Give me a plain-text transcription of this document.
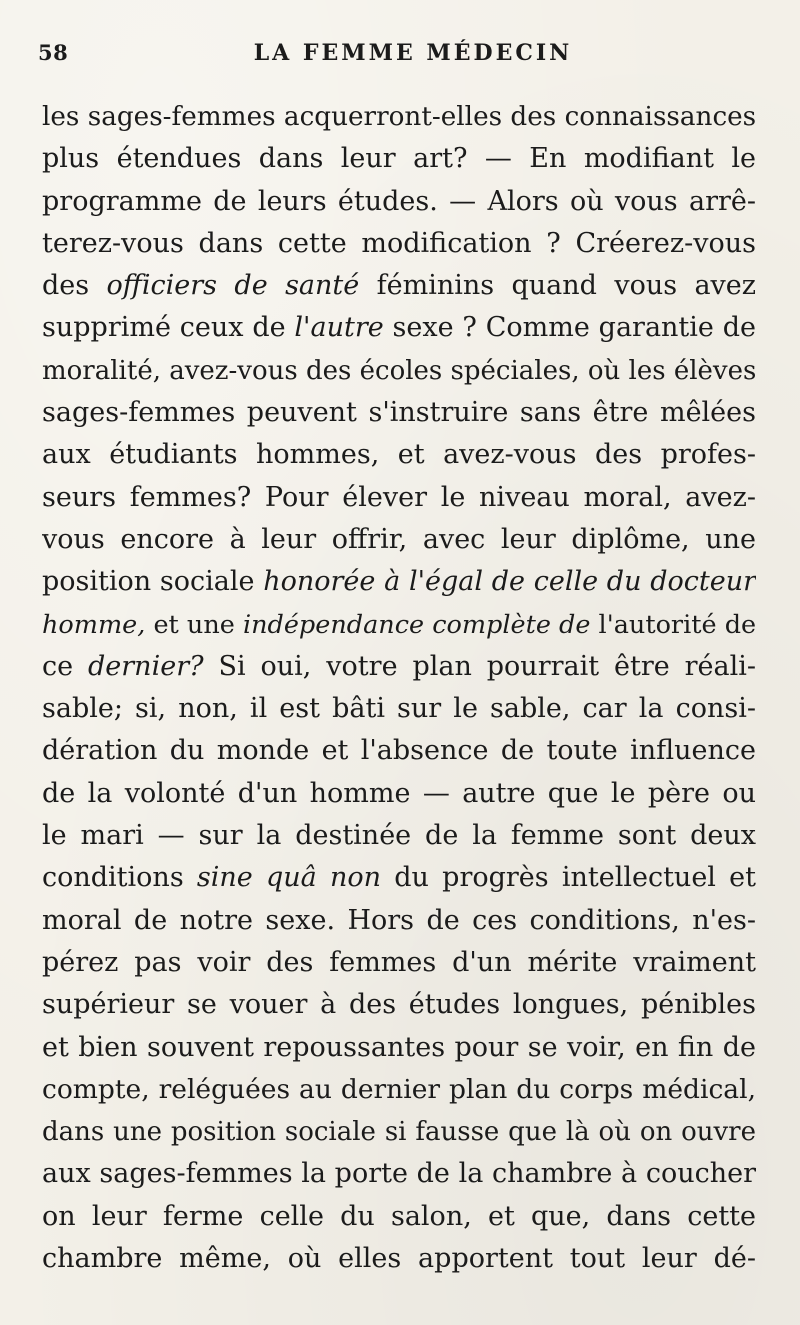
58	LA FEMME MÉDECIN
les sages-femmes acquerront-elles des connaissances
plus étendues dans leur art? — En modifiant le
programme de leurs études. — Alors où vous arrê-
terez-vous dans cette modification ? Créerez-vous
des officiers de santé féminins quand vous avez
supprimé ceux de l'autre sexe ? Comme garantie de
moralité, avez-vous des écoles spéciales, où les élèves
sages-femmes peuvent s'instruire sans être mêlées
aux étudiants hommes, et avez-vous des profes-
seurs femmes? Pour élever le niveau moral, avez-
vous encore à leur offrir, avec leur diplôme, une
position sociale honorée à l'égal de celle du docteur
homme, et une indépendance complète de l'autorité de
ce dernier? Si oui, votre plan pourrait être réali-
sable; si, non, il est bâti sur le sable, car la consi-
dération du monde et l'absence de toute influence
de la volonté d'un homme — autre que le père ou
le mari — sur la destinée de la femme sont deux
conditions sine quâ non du progrès intellectuel et
moral de notre sexe. Hors de ces conditions, n'es-
pérez pas voir des femmes d'un mérite vraiment
supérieur se vouer à des études longues, pénibles
et bien souvent repoussantes pour se voir, en fin de
compte, reléguées au dernier plan du corps médical,
dans une position sociale si fausse que là où on ouvre
aux sages-femmes la porte de la chambre à coucher
on leur ferme celle du salon, et que, dans cette
chambre même, où elles apportent tout leur dé-
